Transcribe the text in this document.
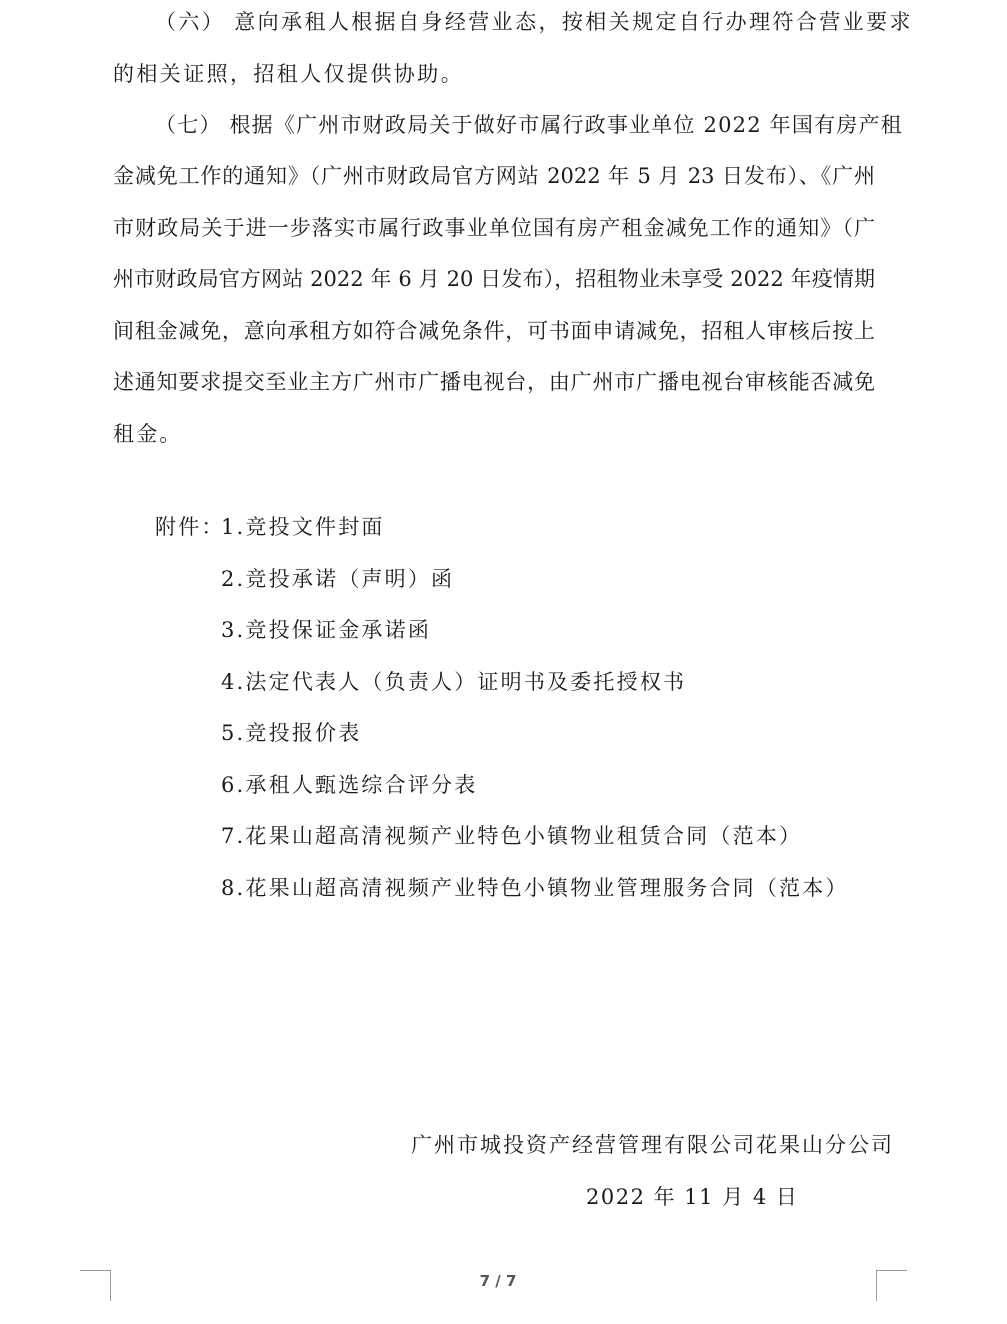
（六） 意向承租人根据自身经营业态，按相关规定自行办理符合营业要求
的相关证照，招租人仅提供协助。
（七） 根据《广州市财政局关于做好市属行政事业单位 2022 年国有房产租
金减免工作的通知》（广州市财政局官方网站 2022 年 5 月 23 日发布）、《广州
市财政局关于进一步落实市属行政事业单位国有房产租金减免工作的通知》（广
州市财政局官方网站 2022 年 6 月 20 日发布），招租物业未享受 2022 年疫情期
间租金减免，意向承租方如符合减免条件，可书面申请减免，招租人审核后按上
述通知要求提交至业主方广州市广播电视台，由广州市广播电视台审核能否减免
租金。
附件：
1.竞投文件封面
2.竞投承诺（声明）函
3.竞投保证金承诺函
4.法定代表人（负责人）证明书及委托授权书
5.竞投报价表
6.承租人甄选综合评分表
7.花果山超高清视频产业特色小镇物业租赁合同（范本）
8.花果山超高清视频产业特色小镇物业管理服务合同（范本）
广州市城投资产经营管理有限公司花果山分公司
2022 年 11 月 4 日
7 / 7
